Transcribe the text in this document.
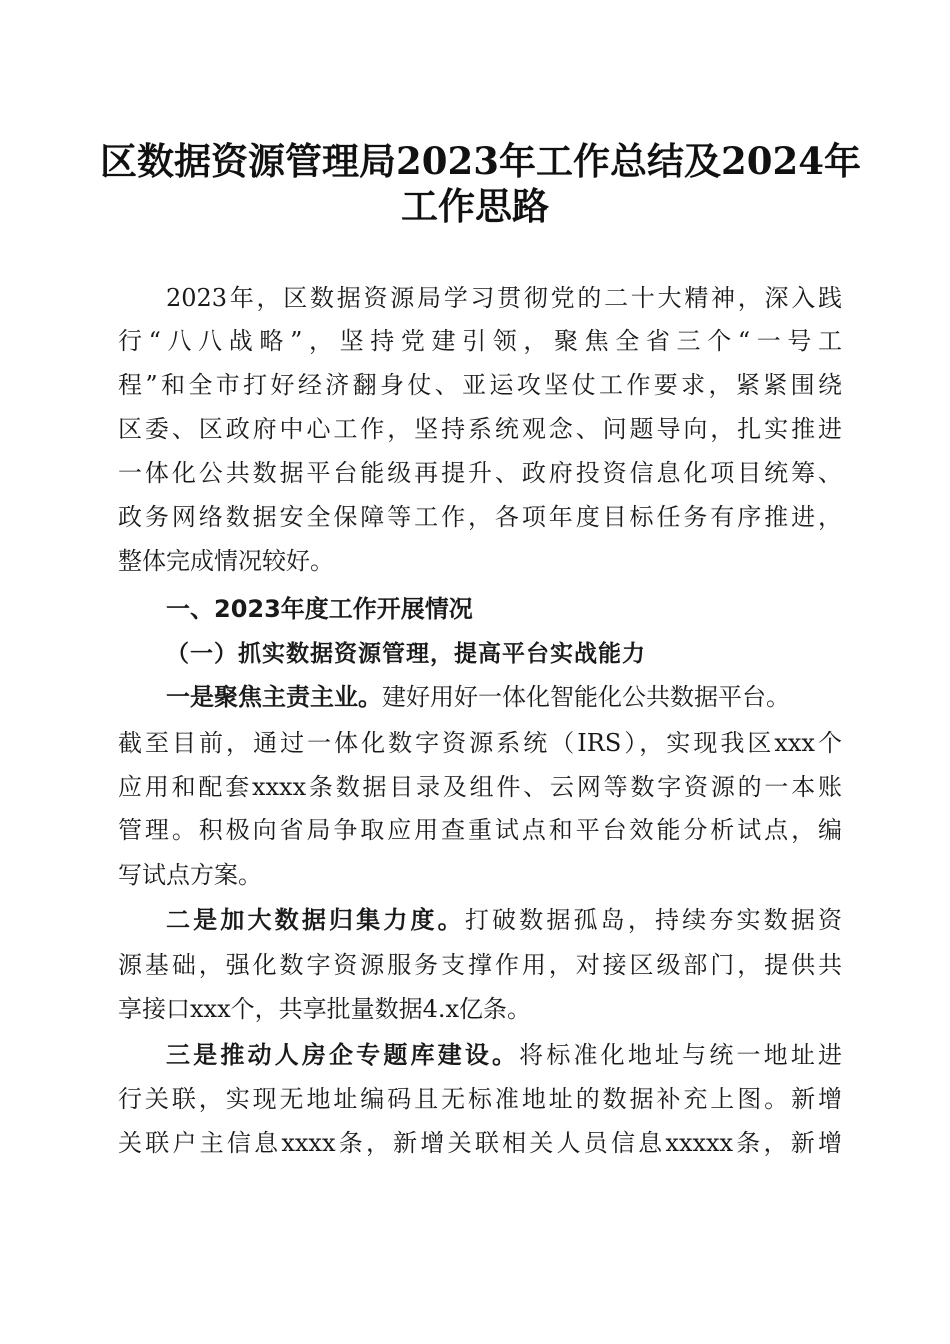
区数据资源管理局2023年工作总结及2024年
工作思路
2023年，区数据资源局学习贯彻党的二十大精神，深入践
行“八八战略”，坚持党建引领，聚焦全省三个“一号工
程”和全市打好经济翻身仗、亚运攻坚仗工作要求，紧紧围绕
区委、区政府中心工作，坚持系统观念、问题导向，扎实推进
一体化公共数据平台能级再提升、政府投资信息化项目统筹、
政务网络数据安全保障等工作，各项年度目标任务有序推进，
整体完成情况较好。
一、2023年度工作开展情况
（一）抓实数据资源管理，提高平台实战能力
一是聚焦主责主业。建好用好一体化智能化公共数据平台。
截至目前，通过一体化数字资源系统（IRS），实现我区xxx个
应用和配套xxxx条数据目录及组件、云网等数字资源的一本账
管理。积极向省局争取应用查重试点和平台效能分析试点，编
写试点方案。
二是加大数据归集力度。打破数据孤岛，持续夯实数据资
源基础，强化数字资源服务支撑作用，对接区级部门，提供共
享接口xxx个，共享批量数据4.x亿条。
三是推动人房企专题库建设。将标准化地址与统一地址进
行关联，实现无地址编码且无标准地址的数据补充上图。新增
关联户主信息xxxx条，新增关联相关人员信息xxxxx条，新增
